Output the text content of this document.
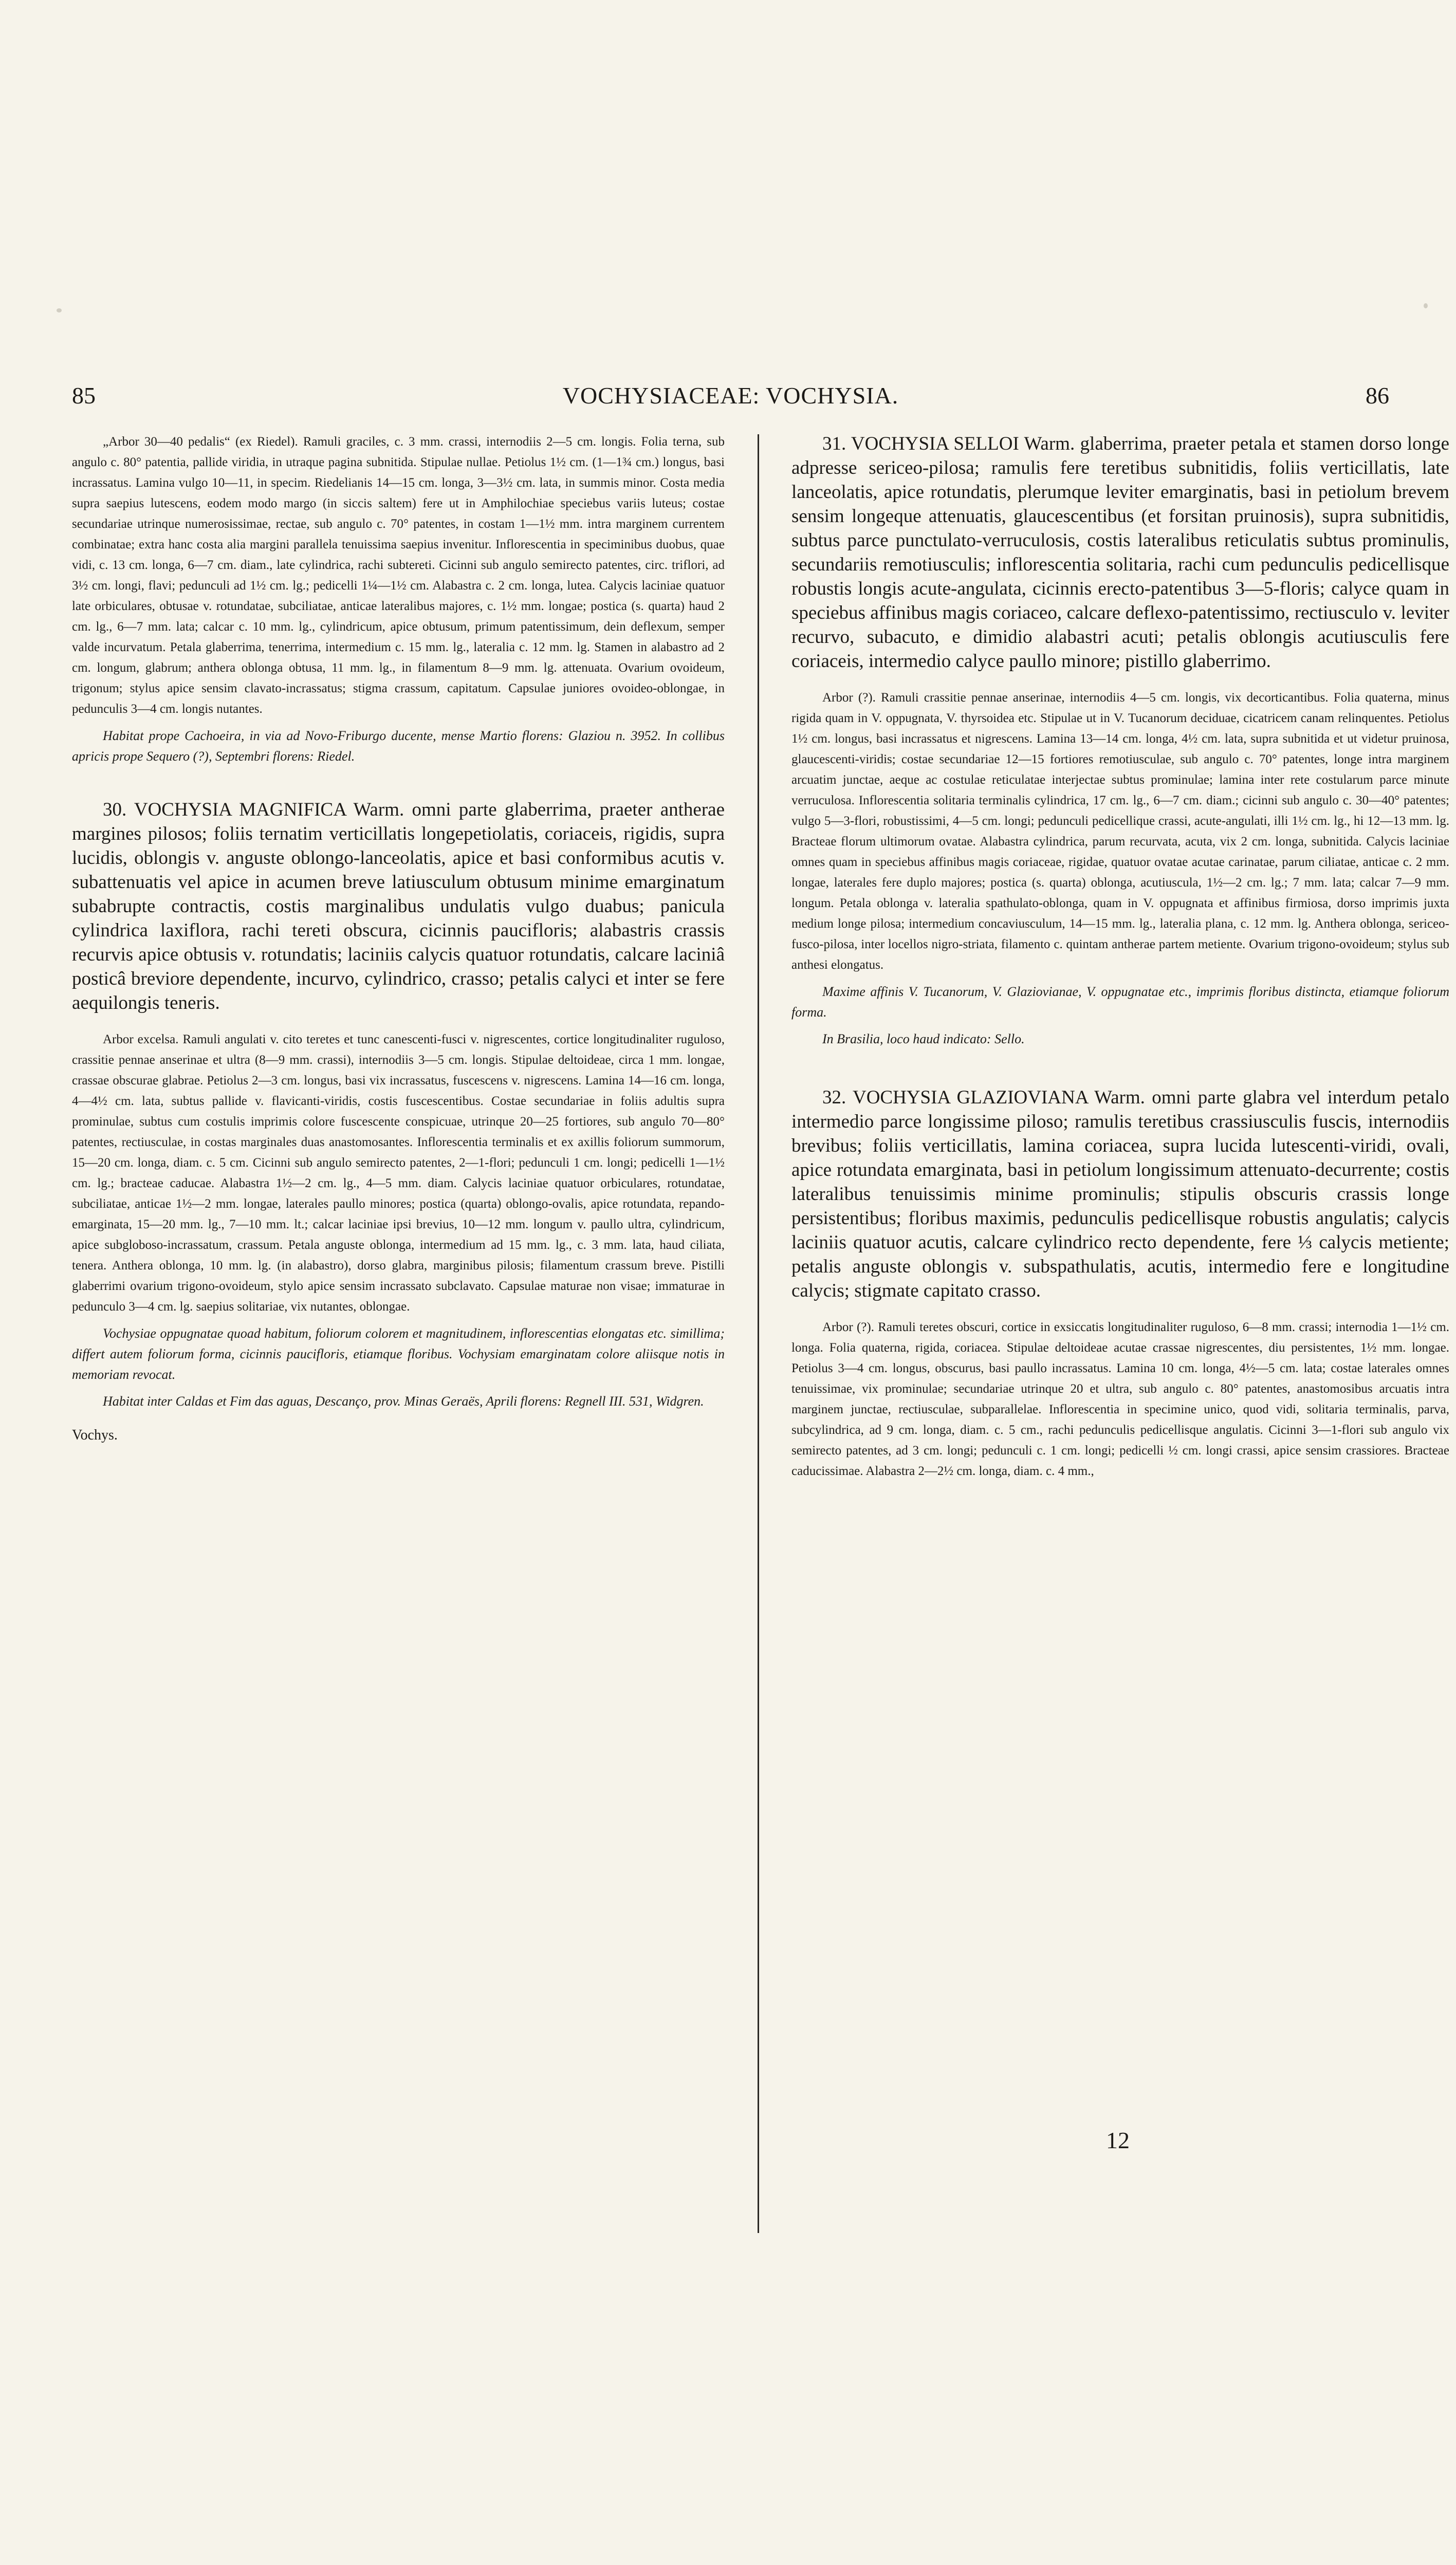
85	VOCHYSIACEAE: VOCHYSIA.	86

„Arbor 30—40 pedalis“ (ex Riedel). Ramuli graciles, c. 3 mm. crassi, internodiis 2—5 cm. longis. Folia terna, sub angulo c. 80° patentia, pallide viridia, in utraque pagina subnitida. Stipulae nullae. Petiolus 1½ cm. (1—1¾ cm.) longus, basi incrassatus. Lamina vulgo 10—11, in specim. Riedelianis 14—15 cm. longa, 3—3½ cm. lata, in summis minor. Costa media supra saepius lutescens, eodem modo margo (in siccis saltem) fere ut in Amphilochiae speciebus variis luteus; costae secundariae utrinque numerosissimae, rectae, sub angulo c. 70° patentes, in costam 1—1½ mm. intra marginem currentem combinatae; extra hanc costa alia margini parallela tenuissima saepius invenitur. Inflorescentia in speciminibus duobus, quae vidi, c. 13 cm. longa, 6—7 cm. diam., late cylindrica, rachi subtereti. Cicinni sub angulo semirecto patentes, circ. triflori, ad 3½ cm. longi, flavi; pedunculi ad 1½ cm. lg.; pedicelli 1¼—1½ cm. Alabastra c. 2 cm. longa, lutea. Calycis laciniae quatuor late orbiculares, obtusae v. rotundatae, subciliatae, anticae lateralibus majores, c. 1½ mm. longae; postica (s. quarta) haud 2 cm. lg., 6—7 mm. lata; calcar c. 10 mm. lg., cylindricum, apice obtusum, primum patentissimum, dein deflexum, semper valde incurvatum. Petala glaberrima, tenerrima, intermedium c. 15 mm. lg., lateralia c. 12 mm. lg. Stamen in alabastro ad 2 cm. longum, glabrum; anthera oblonga obtusa, 11 mm. lg., in filamentum 8—9 mm. lg. attenuata. Ovarium ovoideum, trigonum; stylus apice sensim clavato-incrassatus; stigma crassum, capitatum. Capsulae juniores ovoideo-oblongae, in pedunculis 3—4 cm. longis nutantes.

Habitat prope Cachoeira, in via ad Novo-Friburgo ducente, mense Martio florens: Glaziou n. 3952. In collibus apricis prope Sequero (?), Septembri florens: Riedel.

30. VOCHYSIA MAGNIFICA Warm. omni parte glaberrima, praeter antherae margines pilosos; foliis ternatim verticillatis longepetiolatis, coriaceis, rigidis, supra lucidis, oblongis v. anguste oblongo-lanceolatis, apice et basi conformibus acutis v. subattenuatis vel apice in acumen breve latiusculum obtusum minime emarginatum subabrupte contractis, costis marginalibus undulatis vulgo duabus; panicula cylindrica laxiflora, rachi tereti obscura, cicinnis paucifloris; alabastris crassis recurvis apice obtusis v. rotundatis; laciniis calycis quatuor rotundatis, calcare laciniâ posticâ breviore dependente, incurvo, cylindrico, crasso; petalis calyci et inter se fere aequilongis teneris.

Arbor excelsa. Ramuli angulati v. cito teretes et tunc canescenti-fusci v. nigrescentes, cortice longitudinaliter ruguloso, crassitie pennae anserinae et ultra (8—9 mm. crassi), internodiis 3—5 cm. longis. Stipulae deltoideae, circa 1 mm. longae, crassae obscurae glabrae. Petiolus 2—3 cm. longus, basi vix incrassatus, fuscescens v. nigrescens. Lamina 14—16 cm. longa, 4—4½ cm. lata, subtus pallide v. flavicanti-viridis, costis fuscescentibus. Costae secundariae in foliis adultis supra prominulae, subtus cum costulis imprimis colore fuscescente conspicuae, utrinque 20—25 fortiores, sub angulo 70—80° patentes, rectiusculae, in costas marginales duas anastomosantes. Inflorescentia terminalis et ex axillis foliorum summorum, 15—20 cm. longa, diam. c. 5 cm. Cicinni sub angulo semirecto patentes, 2—1-flori; pedunculi 1 cm. longi; pedicelli 1—1½ cm. lg.; bracteae caducae. Alabastra 1½—2 cm. lg., 4—5 mm. diam. Calycis laciniae quatuor orbiculares, rotundatae, subciliatae, anticae 1½—2 mm. longae, laterales paullo minores; postica (quarta) oblongo-ovalis, apice rotundata, repando-emarginata, 15—20 mm. lg., 7—10 mm. lt.; calcar laciniae ipsi brevius, 10—12 mm. longum v. paullo ultra, cylindricum, apice subgloboso-incrassatum, crassum. Petala anguste oblonga, intermedium ad 15 mm. lg., c. 3 mm. lata, haud ciliata, tenera. Anthera oblonga, 10 mm. lg. (in alabastro), dorso glabra, marginibus pilosis; filamentum crassum breve. Pistilli glaberrimi ovarium trigono-ovoideum, stylo apice sensim incrassato subclavato. Capsulae maturae non visae; immaturae in pedunculo 3—4 cm. lg. saepius solitariae, vix nutantes, oblongae.

Vochysiae oppugnatae quoad habitum, foliorum colorem et magnitudinem, inflorescentias elongatas etc. simillima; differt autem foliorum forma, cicinnis paucifloris, etiamque floribus. Vochysiam emarginatam colore aliisque notis in memoriam revocat.

Habitat inter Caldas et Fim das aguas, Descanço, prov. Minas Geraës, Aprili florens: Regnell III. 531, Widgren.

Vochys.

31. VOCHYSIA SELLOI Warm. glaberrima, praeter petala et stamen dorso longe adpresse sericeo-pilosa; ramulis fere teretibus subnitidis, foliis verticillatis, late lanceolatis, apice rotundatis, plerumque leviter emarginatis, basi in petiolum brevem sensim longeque attenuatis, glaucescentibus (et forsitan pruinosis), supra subnitidis, subtus parce punctulato-verruculosis, costis lateralibus reticulatis subtus prominulis, secundariis remotiusculis; inflorescentia solitaria, rachi cum pedunculis pedicellisque robustis longis acute-angulata, cicinnis erecto-patentibus 3—5-floris; calyce quam in speciebus affinibus magis coriaceo, calcare deflexo-patentissimo, rectiusculo v. leviter recurvo, subacuto, e dimidio alabastri acuti; petalis oblongis acutiusculis fere coriaceis, intermedio calyce paullo minore; pistillo glaberrimo.

Arbor (?). Ramuli crassitie pennae anserinae, internodiis 4—5 cm. longis, vix decorticantibus. Folia quaterna, minus rigida quam in V. oppugnata, V. thyrsoidea etc. Stipulae ut in V. Tucanorum deciduae, cicatricem canam relinquentes. Petiolus 1½ cm. longus, basi incrassatus et nigrescens. Lamina 13—14 cm. longa, 4½ cm. lata, supra subnitida et ut videtur pruinosa, glaucescenti-viridis; costae secundariae 12—15 fortiores remotiusculae, sub angulo c. 70° patentes, longe intra marginem arcuatim junctae, aeque ac costulae reticulatae interjectae subtus prominulae; lamina inter rete costularum parce minute verruculosa. Inflorescentia solitaria terminalis cylindrica, 17 cm. lg., 6—7 cm. diam.; cicinni sub angulo c. 30—40° patentes; vulgo 5—3-flori, robustissimi, 4—5 cm. longi; pedunculi pedicellique crassi, acute-angulati, illi 1½ cm. lg., hi 12—13 mm. lg. Bracteae florum ultimorum ovatae. Alabastra cylindrica, parum recurvata, acuta, vix 2 cm. longa, subnitida. Calycis laciniae omnes quam in speciebus affinibus magis coriaceae, rigidae, quatuor ovatae acutae carinatae, parum ciliatae, anticae c. 2 mm. longae, laterales fere duplo majores; postica (s. quarta) oblonga, acutiuscula, 1½—2 cm. lg.; 7 mm. lata; calcar 7—9 mm. longum. Petala oblonga v. lateralia spathulato-oblonga, quam in V. oppugnata et affinibus firmiosa, dorso imprimis juxta medium longe pilosa; intermedium concaviusculum, 14—15 mm. lg., lateralia plana, c. 12 mm. lg. Anthera oblonga, sericeo-fusco-pilosa, inter locellos nigro-striata, filamento c. quintam antherae partem metiente. Ovarium trigono-ovoideum; stylus sub anthesi elongatus.

Maxime affinis V. Tucanorum, V. Glaziovianae, V. oppugnatae etc., imprimis floribus distincta, etiamque foliorum forma.

In Brasilia, loco haud indicato: Sello.

32. VOCHYSIA GLAZIOVIANA Warm. omni parte glabra vel interdum petalo intermedio parce longissime piloso; ramulis teretibus crassiusculis fuscis, internodiis brevibus; foliis verticillatis, lamina coriacea, supra lucida lutescenti-viridi, ovali, apice rotundata emarginata, basi in petiolum longissimum attenuato-decurrente; costis lateralibus tenuissimis minime prominulis; stipulis obscuris crassis longe persistentibus; floribus maximis, pedunculis pedicellisque robustis angulatis; calycis laciniis quatuor acutis, calcare cylindrico recto dependente, fere ⅓ calycis metiente; petalis anguste oblongis v. subspathulatis, acutis, intermedio fere e longitudine calycis; stigmate capitato crasso.

Arbor (?). Ramuli teretes obscuri, cortice in exsiccatis longitudinaliter ruguloso, 6—8 mm. crassi; internodia 1—1½ cm. longa. Folia quaterna, rigida, coriacea. Stipulae deltoideae acutae crassae nigrescentes, diu persistentes, 1½ mm. longae. Petiolus 3—4 cm. longus, obscurus, basi paullo incrassatus. Lamina 10 cm. longa, 4½—5 cm. lata; costae laterales omnes tenuissimae, vix prominulae; secundariae utrinque 20 et ultra, sub angulo c. 80° patentes, anastomosibus arcuatis intra marginem junctae, rectiusculae, subparallelae. Inflorescentia in specimine unico, quod vidi, solitaria terminalis, parva, subcylindrica, ad 9 cm. longa, diam. c. 5 cm., rachi pedunculis pedicellisque angulatis. Cicinni 3—1-flori sub angulo vix semirecto patentes, ad 3 cm. longi; pedunculi c. 1 cm. longi; pedicelli ½ cm. longi crassi, apice sensim crassiores. Bracteae caducissimae. Alabastra 2—2½ cm. longa, diam. c. 4 mm.,

12
